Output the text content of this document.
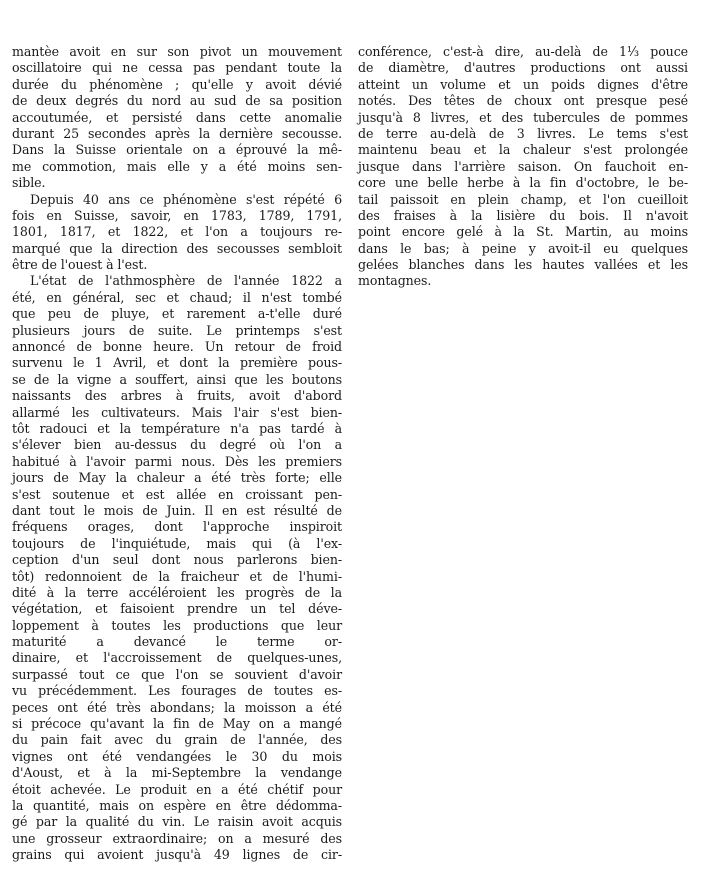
mantèe avoit en sur son pivot un mouvement
oscillatoire qui ne cessa pas pendant toute la
durée du phénomène ; qu'elle y avoit dévié
de deux degrés du nord au sud de sa position
accoutumée, et persisté dans cette anomalie
durant 25 secondes après la dernière secousse.
Dans la Suisse orientale on a éprouvé la mê-
me commotion, mais elle y a été moins sen-
sible.
Depuis 40 ans ce phénomène s'est répété 6
fois en Suisse, savoir, en 1783, 1789, 1791,
1801, 1817, et 1822, et l'on a toujours re-
marqué que la direction des secousses sembloit
être de l'ouest à l'est.
L'état de l'athmosphère de l'année 1822 a
été, en général, sec et chaud; il n'est tombé
que peu de pluye, et rarement a-t'elle duré
plusieurs jours de suite. Le printemps s'est
annoncé de bonne heure. Un retour de froid
survenu le 1 Avril, et dont la première pous-
se de la vigne a souffert, ainsi que les boutons
naissants des arbres à fruits, avoit d'abord
allarmé les cultivateurs. Mais l'air s'est bien-
tôt radouci et la température n'a pas tardé à
s'élever bien au-dessus du degré où l'on a
habitué à l'avoir parmi nous. Dès les premiers
jours de May la chaleur a été très forte; elle
s'est soutenue et est allée en croissant pen-
dant tout le mois de Juin. Il en est résulté de
fréquens orages, dont l'approche inspiroit
toujours de l'inquiétude, mais qui (à l'ex-
ception d'un seul dont nous parlerons bien-
tôt) redonnoient de la fraicheur et de l'humi-
dité à la terre accéléroient les progrès de la
végétation, et faisoient prendre un tel déve-
loppement à toutes les productions que leur
maturité a devancé le terme or-
dinaire, et l'accroissement de quelques-unes,
surpassé tout ce que l'on se souvient d'avoir
vu précédemment. Les fourages de toutes es-
peces ont été très abondans; la moisson a été
si précoce qu'avant la fin de May on a mangé
du pain fait avec du grain de l'année, des
vignes ont été vendangées le 30 du mois
d'Aoust, et à la mi-Septembre la vendange
étoit achevée. Le produit en a été chétif pour
la quantité, mais on espère en être dédomma-
gé par la qualité du vin. Le raisin avoit acquis
une grosseur extraordinaire; on a mesuré des
grains qui avoient jusqu'à 49 lignes de cir-
conférence, c'est-à dire, au-delà de 1⅓ pouce
de diamètre, d'autres productions ont aussi
atteint un volume et un poids dignes d'être
notés. Des têtes de choux ont presque pesé
jusqu'à 8 livres, et des tubercules de pommes
de terre au-delà de 3 livres. Le tems s'est
maintenu beau et la chaleur s'est prolongée
jusque dans l'arrière saison. On fauchoit en-
core une belle herbe à la fin d'octobre, le be-
tail paissoit en plein champ, et l'on cueilloit
des fraises à la lisière du bois. Il n'avoit
point encore gelé à la St. Martin, au moins
dans le bas; à peine y avoit-il eu quelques
gelées blanches dans les hautes vallées et les
montagnes.
